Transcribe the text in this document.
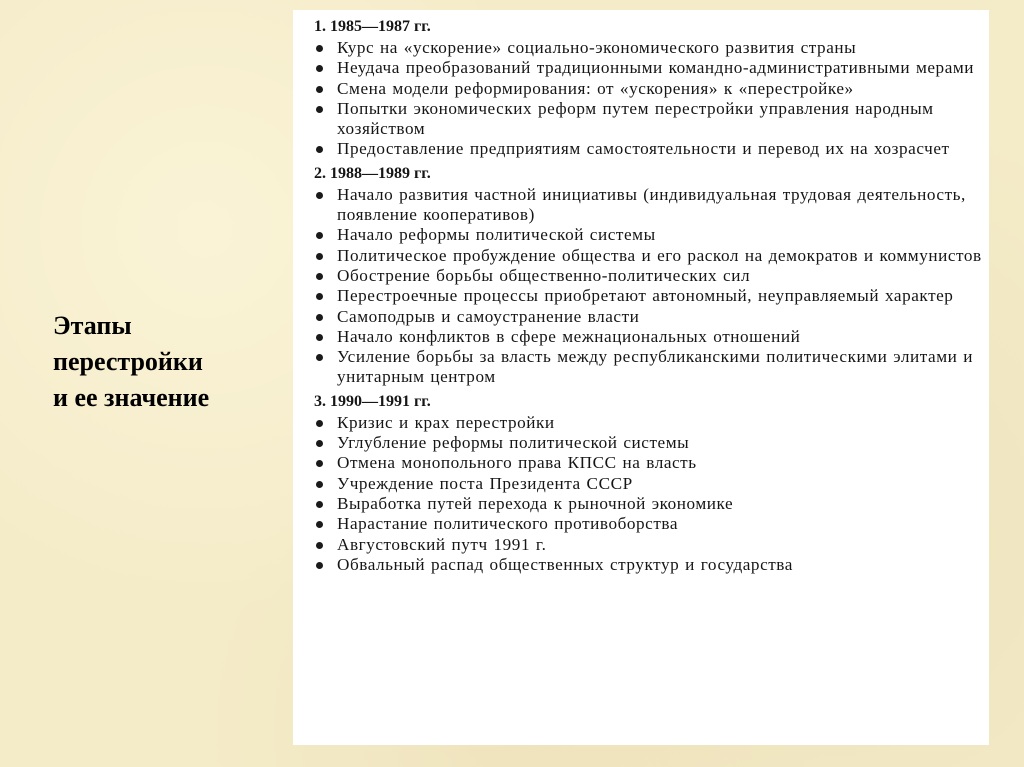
Этапы
перестройки
и ее значение
1. 1985—1987 гг.
Курс на «ускорение» социально-экономического развития страны
Неудача преобразований традиционными командно-административными мерами
Смена модели реформирования: от «ускорения» к «перестройке»
Попытки экономических реформ путем перестройки управления народным хозяйством
Предоставление предприятиям самостоятельности и перевод их на хозрасчет
2. 1988—1989 гг.
Начало развития частной инициативы (индивидуальная трудовая деятельность, появление кооперативов)
Начало реформы политической системы
Политическое пробуждение общества и его раскол на демократов и коммунистов
Обострение борьбы общественно-политических сил
Перестроечные процессы приобретают автономный, неуправляемый характер
Самоподрыв и самоустранение власти
Начало конфликтов в сфере межнациональных отношений
Усиление борьбы за власть между республиканскими политическими элитами и унитарным центром
3. 1990—1991 гг.
Кризис и крах перестройки
Углубление реформы политической системы
Отмена монопольного права КПСС на власть
Учреждение поста Президента СССР
Выработка путей перехода к рыночной экономике
Нарастание политического противоборства
Августовский путч 1991 г.
Обвальный распад общественных структур и государства
